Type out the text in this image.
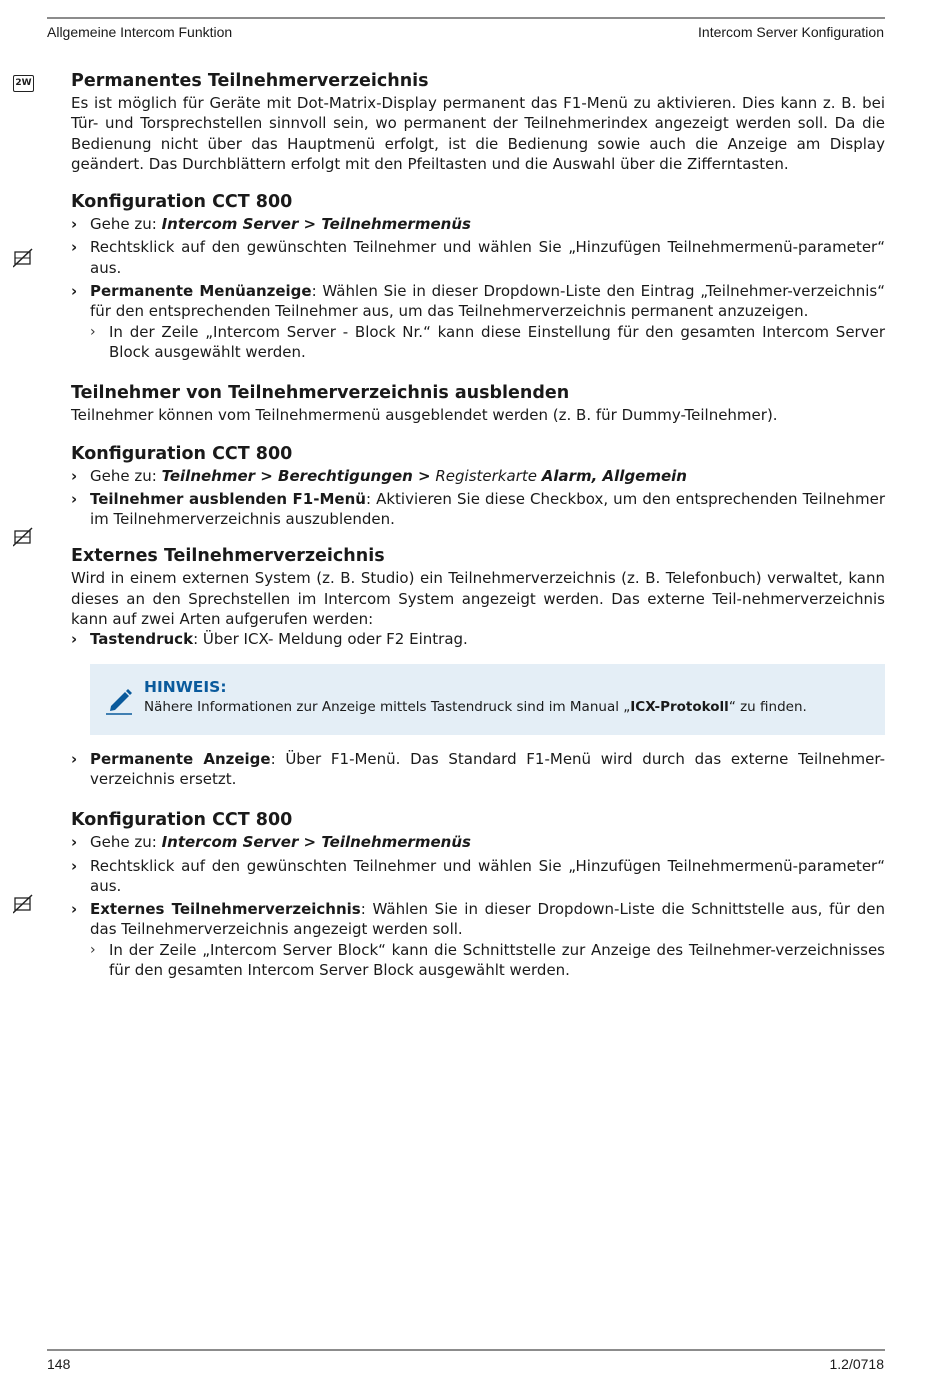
Allgemeine Intercom Funktion	Intercom Server Konfiguration
2W Permanentes Teilnehmerverzeichnis

Es ist möglich für Geräte mit Dot-Matrix-Display permanent das F1-Menü zu aktivieren. Dies kann z. B. bei Tür- und Torsprechstellen sinnvoll sein, wo permanent der Teilnehmerindex angezeigt werden soll. Da die Bedienung nicht über das Hauptmenü erfolgt, ist die Bedienung sowie auch die Anzeige am Display geändert. Das Durchblättern erfolgt mit den Pfeiltasten und die Auswahl über die Zifferntasten.

Konfiguration CCT 800
› Gehe zu: Intercom Server > Teilnehmermenüs
› Rechtsklick auf den gewünschten Teilnehmer und wählen Sie „Hinzufügen Teilnehmermenü-parameter“ aus.
› Permanente Menüanzeige: Wählen Sie in dieser Dropdown-Liste den Eintrag „Teilnehmer-verzeichnis“ für den entsprechenden Teilnehmer aus, um das Teilnehmerverzeichnis permanent anzuzeigen.
› In der Zeile „Intercom Server - Block Nr.“ kann diese Einstellung für den gesamten Intercom Server Block ausgewählt werden.
Teilnehmer von Teilnehmerverzeichnis ausblenden

Teilnehmer können vom Teilnehmermenü ausgeblendet werden (z. B. für Dummy-Teilnehmer).

Konfiguration CCT 800
› Gehe zu: Teilnehmer > Berechtigungen > Registerkarte Alarm, Allgemein
› Teilnehmer ausblenden F1-Menü: Aktivieren Sie diese Checkbox, um den entsprechenden Teilnehmer im Teilnehmerverzeichnis auszublenden.
Externes Teilnehmerverzeichnis

Wird in einem externen System (z. B. Studio) ein Teilnehmerverzeichnis (z. B. Telefonbuch) verwaltet, kann dieses an den Sprechstellen im Intercom System angezeigt werden. Das externe Teil-nehmerverzeichnis kann auf zwei Arten aufgerufen werden:

› Tastendruck: Über ICX- Meldung oder F2 Eintrag.
HINWEIS:
Nähere Informationen zur Anzeige mittels Tastendruck sind im Manual „ICX-Protokoll“ zu finden.
› Permanente Anzeige: Über F1-Menü. Das Standard F1-Menü wird durch das externe Teilnehmer-verzeichnis ersetzt.
Konfiguration CCT 800
› Gehe zu: Intercom Server > Teilnehmermenüs
› Rechtsklick auf den gewünschten Teilnehmer und wählen Sie „Hinzufügen Teilnehmermenü-parameter“ aus.
› Externes Teilnehmerverzeichnis: Wählen Sie in dieser Dropdown-Liste die Schnittstelle aus, für den das Teilnehmerverzeichnis angezeigt werden soll.
› In der Zeile „Intercom Server Block“ kann die Schnittstelle zur Anzeige des Teilnehmer-verzeichnisses für den gesamten Intercom Server Block ausgewählt werden.
148	1.2/0718
